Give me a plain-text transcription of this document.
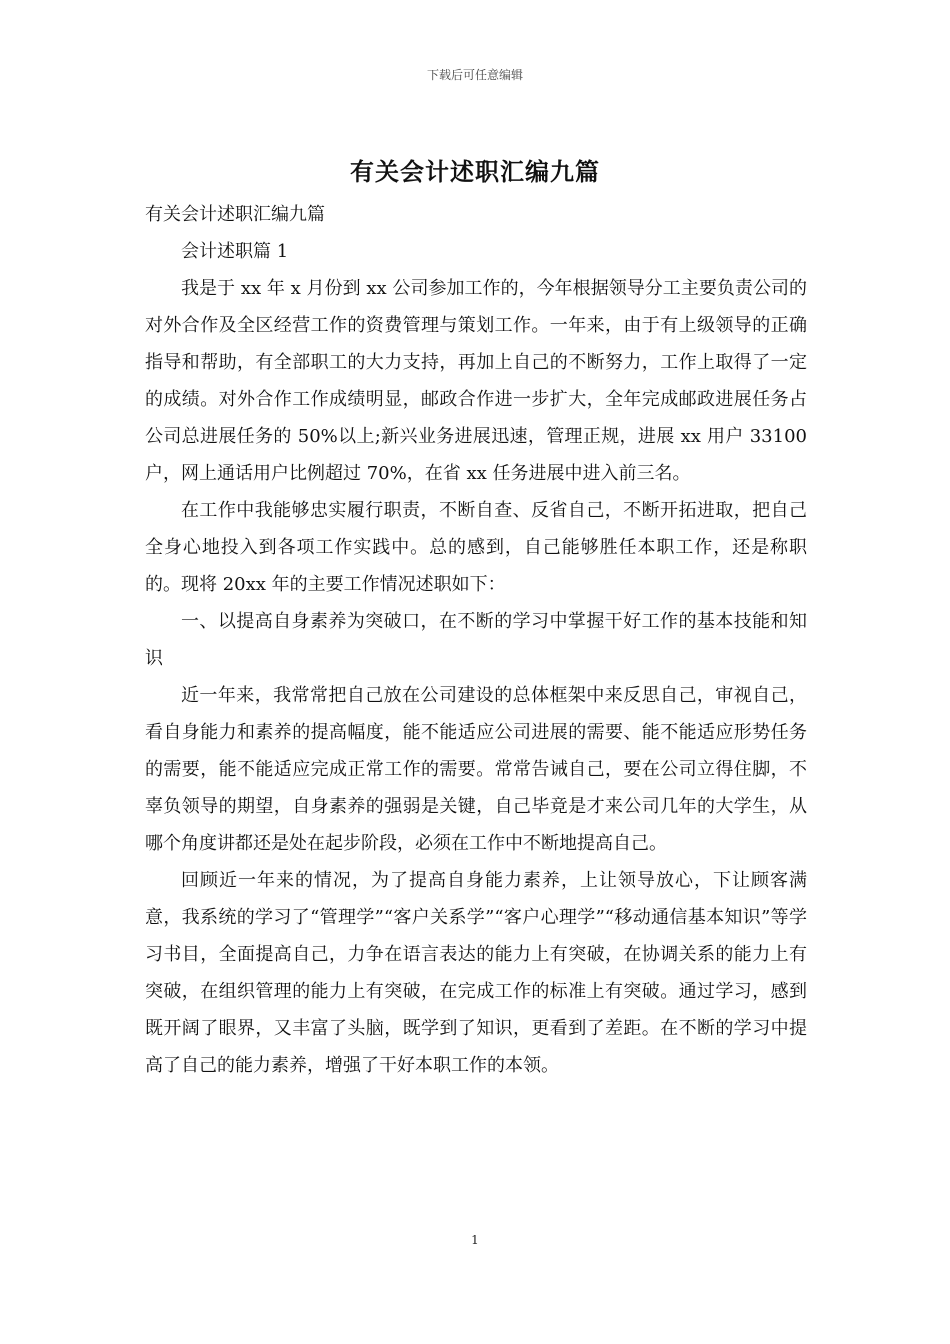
下载后可任意编辑
有关会计述职汇编九篇

有关会计述职汇编九篇

会计述职篇 1

我是于 xx 年 x 月份到 xx 公司参加工作的，今年根据领导分工主要负责公司的对外合作及全区经营工作的资费管理与策划工作。一年来，由于有上级领导的正确指导和帮助，有全部职工的大力支持，再加上自己的不断努力，工作上取得了一定的成绩。对外合作工作成绩明显，邮政合作进一步扩大，全年完成邮政进展任务占公司总进展任务的 50%以上;新兴业务进展迅速，管理正规，进展 xx 用户 33100 户，网上通话用户比例超过 70%，在省 xx 任务进展中进入前三名。

在工作中我能够忠实履行职责，不断自查、反省自己，不断开拓进取，把自己全身心地投入到各项工作实践中。总的感到，自己能够胜任本职工作，还是称职的。现将 20xx 年的主要工作情况述职如下：

一、以提高自身素养为突破口，在不断的学习中掌握干好工作的基本技能和知识

近一年来，我常常把自己放在公司建设的总体框架中来反思自己，审视自己，看自身能力和素养的提高幅度，能不能适应公司进展的需要、能不能适应形势任务的需要，能不能适应完成正常工作的需要。常常告诫自己，要在公司立得住脚，不辜负领导的期望，自身素养的强弱是关键，自己毕竟是才来公司几年的大学生，从哪个角度讲都还是处在起步阶段，必须在工作中不断地提高自己。

回顾近一年来的情况，为了提高自身能力素养，上让领导放心，下让顾客满意，我系统的学习了“管理学”“客户关系学”“客户心理学”“移动通信基本知识”等学习书目，全面提高自己，力争在语言表达的能力上有突破，在协调关系的能力上有突破，在组织管理的能力上有突破，在完成工作的标准上有突破。通过学习，感到既开阔了眼界，又丰富了头脑，既学到了知识，更看到了差距。在不断的学习中提高了自己的能力素养，增强了干好本职工作的本领。

1
